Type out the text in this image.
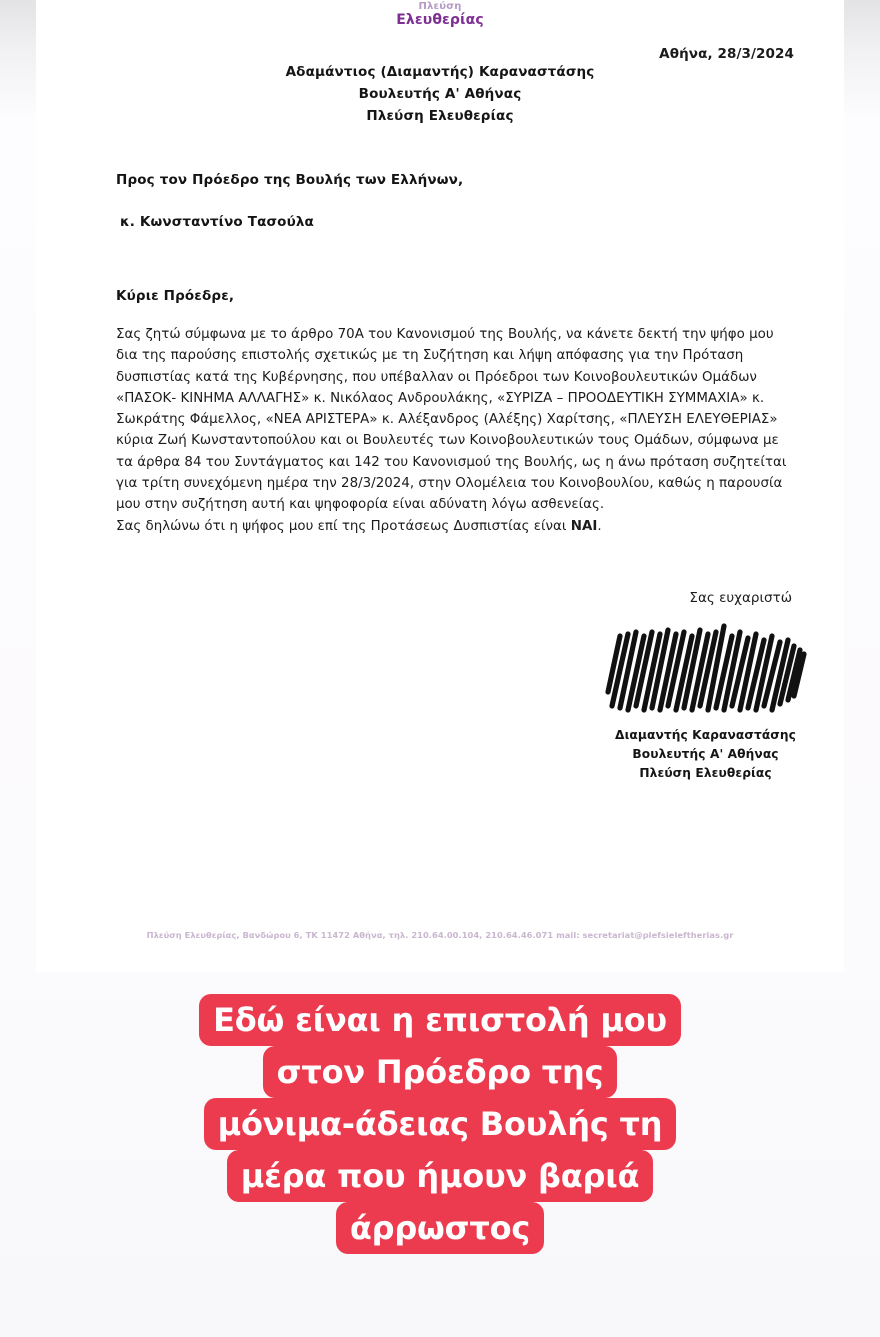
Πλεύση
Ελευθερίας
Αθήνα, 28/3/2024
Αδαμάντιος (Διαμαντής) Καραναστάσης
Βουλευτής Α' Αθήνας
Πλεύση Ελευθερίας
Προς τον Πρόεδρο της Βουλής των Ελλήνων,
κ. Κωνσταντίνο Τασούλα
Κύριε Πρόεδρε,

Σας ζητώ σύμφωνα με το άρθρο 70Α του Κανονισμού της Βουλής, να κάνετε δεκτή την ψήφο μου
δια της παρούσης επιστολής σχετικώς με τη Συζήτηση και λήψη απόφασης για την Πρόταση
δυσπιστίας κατά της Κυβέρνησης, που υπέβαλλαν οι Πρόεδροι των Κοινοβουλευτικών Ομάδων
«ΠΑΣΟΚ- ΚΙΝΗΜΑ ΑΛΛΑΓΗΣ» κ. Νικόλαος Ανδρουλάκης, «ΣΥΡΙΖΑ – ΠΡΟΟΔΕΥΤΙΚΗ ΣΥΜΜΑΧΙΑ» κ.
Σωκράτης Φάμελλος, «ΝΕΑ ΑΡΙΣΤΕΡΑ» κ. Αλέξανδρος (Αλέξης) Χαρίτσης, «ΠΛΕΥΣΗ ΕΛΕΥΘΕΡΙΑΣ»
κύρια Ζωή Κωνσταντοπούλου και οι Βουλευτές των Κοινοβουλευτικών τους Ομάδων, σύμφωνα με
τα άρθρα 84 του Συντάγματος και 142 του Κανονισμού της Βουλής, ως η άνω πρόταση συζητείται
για τρίτη συνεχόμενη ημέρα την 28/3/2024, στην Ολομέλεια του Κοινοβουλίου, καθώς η παρουσία
μου στην συζήτηση αυτή και ψηφοφορία είναι αδύνατη λόγω ασθενείας.
Σας δηλώνω ότι η ψήφος μου επί της Προτάσεως Δυσπιστίας είναι ΝΑΙ.

Σας ευχαριστώ
Διαμαντής Καραναστάσης
Βουλευτής Α' Αθήνας
Πλεύση Ελευθερίας
Πλεύση Ελευθερίας, Βανδώρου 6, ΤΚ 11472 Αθήνα, τηλ. 210.64.00.104, 210.64.46.071 mail: secretariat@plefsieleftherias.gr
Εδώ είναι η επιστολή μου
στον Πρόεδρο της
μόνιμα-άδειας Βουλής τη
μέρα που ήμουν βαριά
άρρωστος
